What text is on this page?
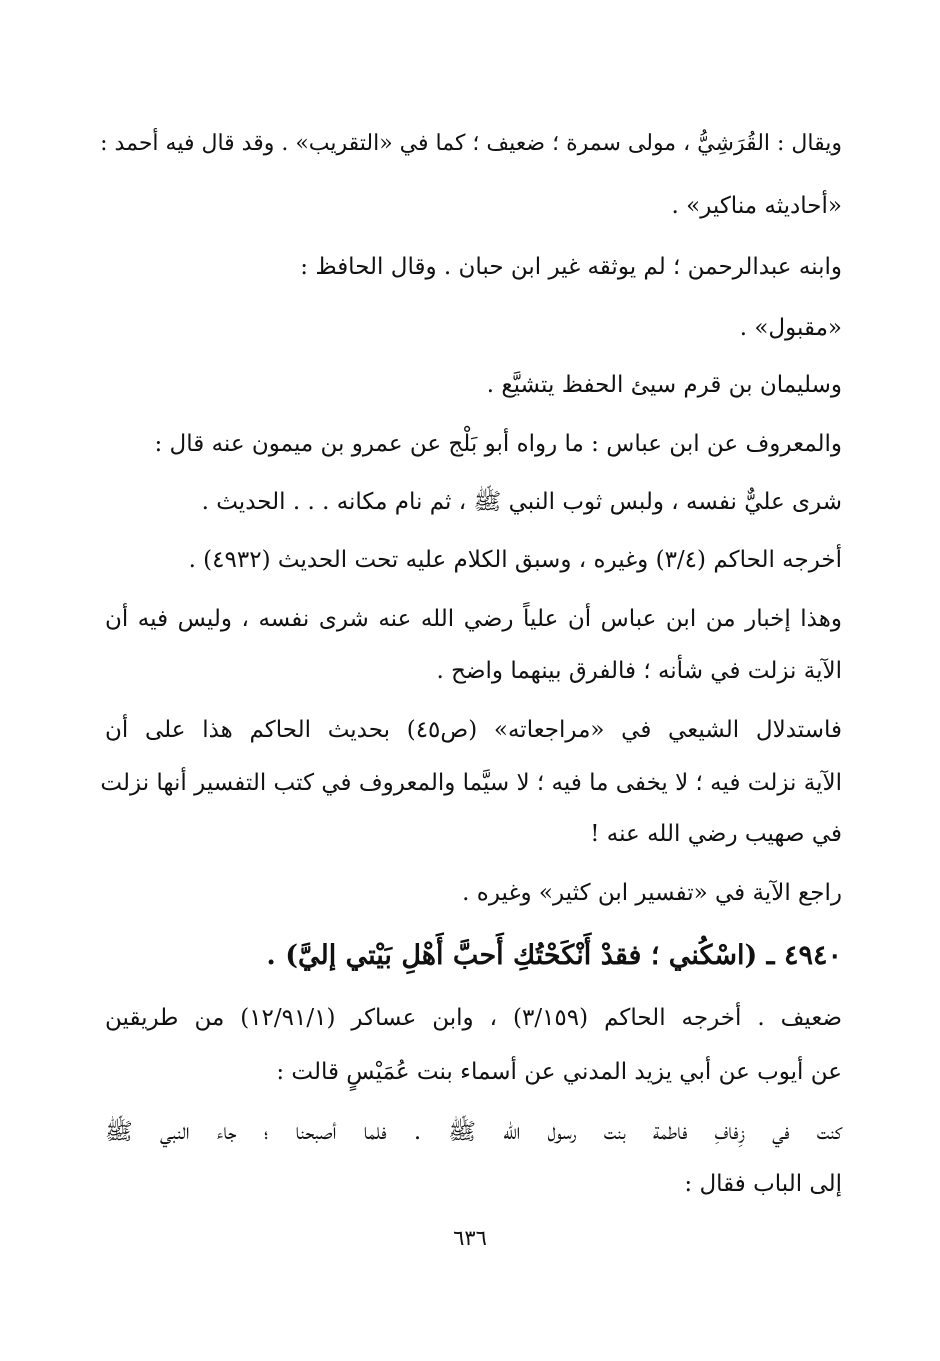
ويقال : القُرَشِيُّ ، مولى سمرة ؛ ضعيف ؛ كما في «التقريب» . وقد قال فيه أحمد :
«أحاديثه مناكير» .
وابنه عبدالرحمن ؛ لم يوثقه غير ابن حبان . وقال الحافظ :
«مقبول» .
وسليمان بن قرم سيئ الحفظ يتشيَّع .
والمعروف عن ابن عباس : ما رواه أبو بَلْج عن عمرو بن ميمون عنه قال :
شرى عليٌّ نفسه ، ولبس ثوب النبي ﷺ ، ثم نام مكانه . . . الحديث .
أخرجه الحاكم (٣/٤) وغيره ، وسبق الكلام عليه تحت الحديث (٤٩٣٢) .
وهذا إخبار من ابن عباس أن علياً رضي الله عنه شرى نفسه ، وليس فيه أن
الآية نزلت في شأنه ؛ فالفرق بينهما واضح .
فاستدلال الشيعي في «مراجعاته» (ص٤٥) بحديث الحاكم هذا على أن
الآية نزلت فيه ؛ لا يخفى ما فيه ؛ لا سيَّما والمعروف في كتب التفسير أنها نزلت
في صهيب رضي الله عنه !
راجع الآية في «تفسير ابن كثير» وغيره .
٤٩٤٠ ـ (اسْكُني ؛ فقدْ أَنْكَحْتُكِ أَحبَّ أَهْلِ بَيْتي إليَّ) .
ضعيف . أخرجه الحاكم (٣/١٥٩) ، وابن عساكر (١٢/٩١/١) من طريقين
عن أيوب عن أبي يزيد المدني عن أسماء بنت عُمَيْسٍ قالت :
كنت في زِفافِ فاطمة بنت رسول الله ﷺ . فلما أصبحنا ؛ جاء النبي ﷺ
إلى الباب فقال :
٦٣٦
